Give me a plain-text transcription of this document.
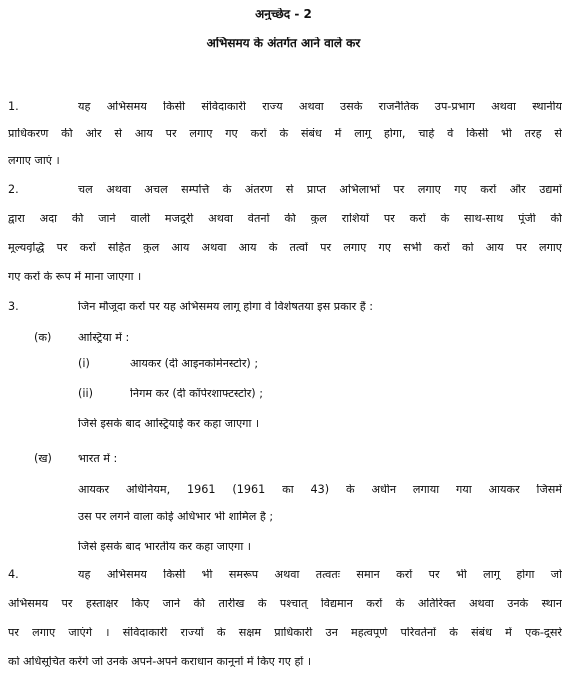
अनुच्छेद - 2
अभिसमय के अंतर्गत आने वाले कर
1.	यह अभिसमय किसी संविदाकारी राज्य अथवा उसके राजनैतिक उप-प्रभाग अथवा स्थानीय
प्राधिकरण की ओर से आय पर लगाए गए करों के संबंध में लागू होगा, चाहे वे किसी भी तरह से
लगाए जाएं ।
2.	चल अथवा अचल सम्पत्ति के अंतरण से प्राप्त अभिलाभों पर लगाए गए करों और उद्यमों
द्वारा अदा की जाने वाली मजदूरी अथवा वेतनों की कुल राशियों पर करों के साथ-साथ पूंजी की
मूल्यवृद्धि पर करों सहित कुल आय अथवा आय के तत्वों पर लगाए गए सभी करों को आय पर लगाए
गए करों के रूप में माना जाएगा ।
3.	जिन मौजूदा करों पर यह अभिसमय लागू होगा वे विशेषतया इस प्रकार हैं :
(क) आस्ट्रिया में :
(i)	आयकर (दी आइनकोमेनस्टोर) ;
(ii)	निगम कर (दी कॉर्परशाफ्टस्टोर) ;
जिसे इसके बाद आस्ट्रियाई कर कहा जाएगा ।
(ख) भारत में :
आयकर अधिनियम, 1961 (1961 का 43) के अधीन लगाया गया आयकर जिसमें
उस पर लगने वाला कोई अधिभार भी शामिल है ;
जिसे इसके बाद भारतीय कर कहा जाएगा ।
4.	यह अभिसमय किसी भी समरूप अथवा तत्वतः समान करों पर भी लागू होगा जो
अभिसमय पर हस्ताक्षर किए जाने की तारीख के पश्चात् विद्यमान करों के अतिरिक्त अथवा उनके स्थान
पर लगाए जाएंगे । संविदाकारी राज्यों के सक्षम प्राधिकारी उन महत्वपूर्ण परिवर्तनों के संबंध में एक-दूसरे
को अधिसूचित करेंगे जो उनके अपने-अपने कराधान कानूनों में किए गए हों ।
